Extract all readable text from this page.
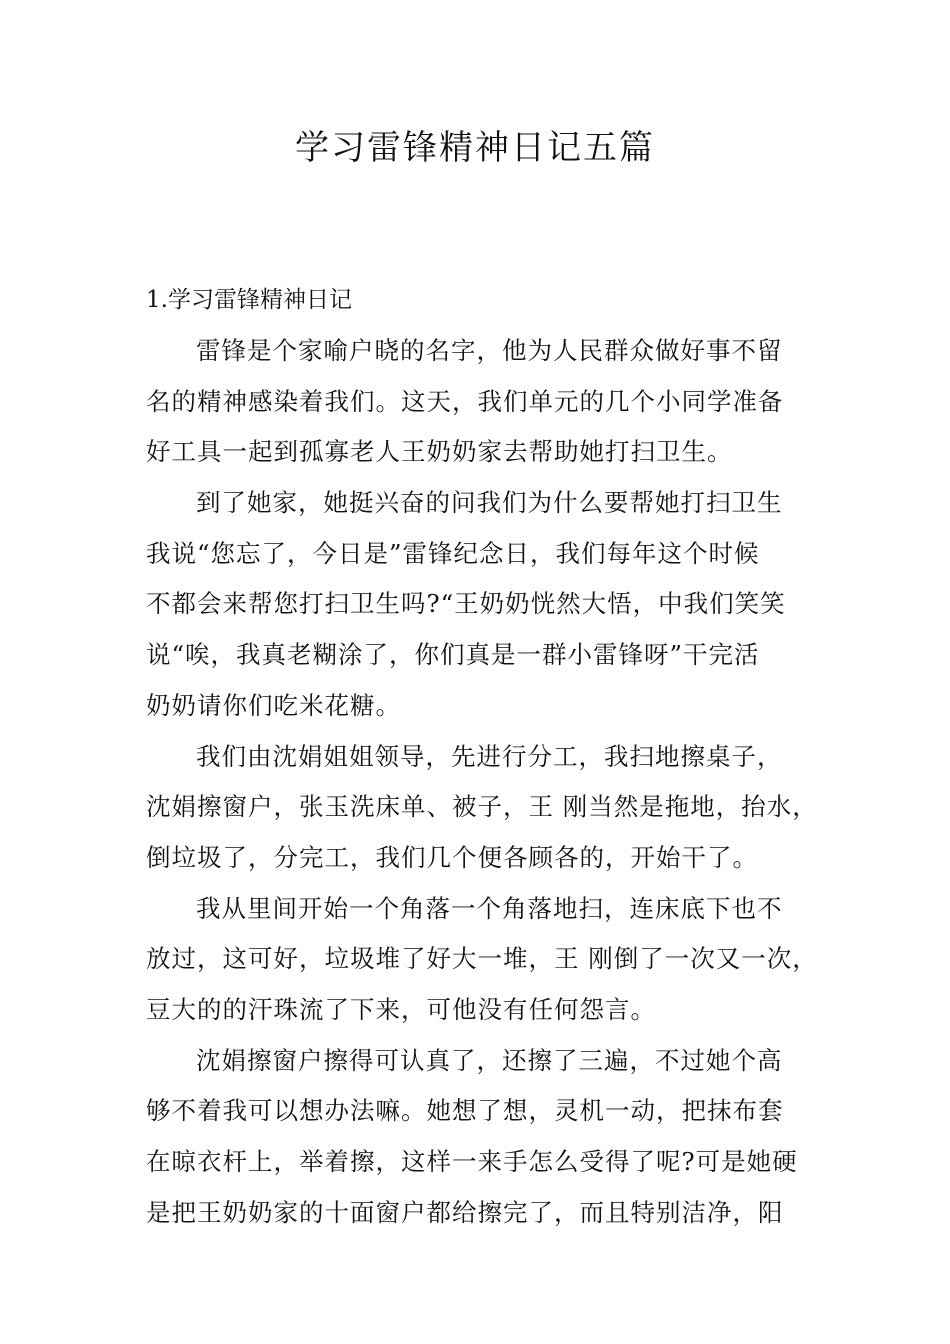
学习雷锋精神日记五篇
1.学习雷锋精神日记
雷锋是个家喻户晓的名字，他为人民群众做好事不留
名的精神感染着我们。这天，我们单元的几个小同学准备
好工具一起到孤寡老人王奶奶家去帮助她打扫卫生。
到了她家，她挺兴奋的问我们为什么要帮她打扫卫生
我说“您忘了，今日是”雷锋纪念日，我们每年这个时候
不都会来帮您打扫卫生吗?“王奶奶恍然大悟，中我们笑笑
说“唉，我真老糊涂了，你们真是一群小雷锋呀”干完活
奶奶请你们吃米花糖。
我们由沈娟姐姐领导，先进行分工，我扫地擦桌子，
沈娟擦窗户，张玉洗床单、被子，王 刚当然是拖地，抬水，
倒垃圾了，分完工，我们几个便各顾各的，开始干了。
我从里间开始一个角落一个角落地扫，连床底下也不
放过，这可好，垃圾堆了好大一堆，王 刚倒了一次又一次，
豆大的的汗珠流了下来，可他没有任何怨言。
沈娟擦窗户擦得可认真了，还擦了三遍，不过她个高
够不着我可以想办法嘛。她想了想，灵机一动，把抹布套
在晾衣杆上，举着擦，这样一来手怎么受得了呢?可是她硬
是把王奶奶家的十面窗户都给擦完了，而且特别洁净，阳
